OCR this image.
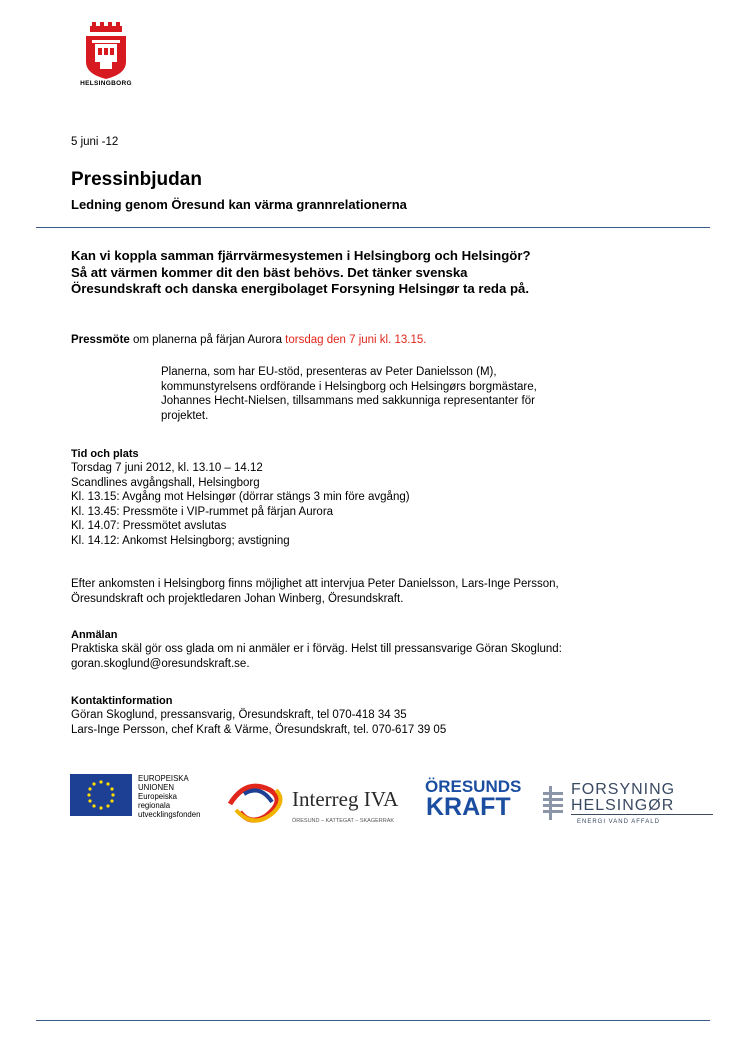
HELSINGBORG
5 juni -12
Pressinbjudan
Ledning genom Öresund kan värma grannrelationerna
Kan vi koppla samman fjärrvärmesystemen i Helsingborg och Helsingör? Så att värmen kommer dit den bäst behövs. Det tänker svenska Öresundskraft och danska energibolaget Forsyning Helsingør ta reda på.
Pressmöte om planerna på färjan Aurora torsdag den 7 juni kl. 13.15.
Planerna, som har EU-stöd, presenteras av Peter Danielsson (M), kommunstyrelsens ordförande i Helsingborg och Helsingørs borgmästare, Johannes Hecht-Nielsen, tillsammans med sakkunniga representanter för projektet.
Tid och plats
Torsdag 7 juni 2012, kl. 13.10 – 14.12
Scandlines avgångshall, Helsingborg
Kl. 13.15: Avgång mot Helsingør (dörrar stängs 3 min före avgång)
Kl. 13.45: Pressmöte i VIP-rummet på färjan Aurora
Kl. 14.07: Pressmötet avslutas
Kl. 14.12: Ankomst Helsingborg; avstigning

Efter ankomsten i Helsingborg finns möjlighet att intervjua Peter Danielsson, Lars-Inge Persson, Öresundskraft och projektledaren Johan Winberg, Öresundskraft.

Anmälan

Praktiska skäl gör oss glada om ni anmäler er i förväg. Helst till pressansvarige Göran Skoglund: goran.skoglund@oresundskraft.se.

Kontaktinformation
Göran Skoglund, pressansvarig, Öresundskraft, tel 070-418 34 35
Lars-Inge Persson, chef Kraft & Värme, Öresundskraft, tel. 070-617 39 05
EUROPEISKA
UNIONEN
Europeiska
regionala
utvecklingsfonden
Interreg IVA
ÖRESUND – KATTEGAT – SKAGERRAK
ÖRESUNDS
KRAFT
FORSYNING
HELSINGØR
ENERGI VAND AFFALD
